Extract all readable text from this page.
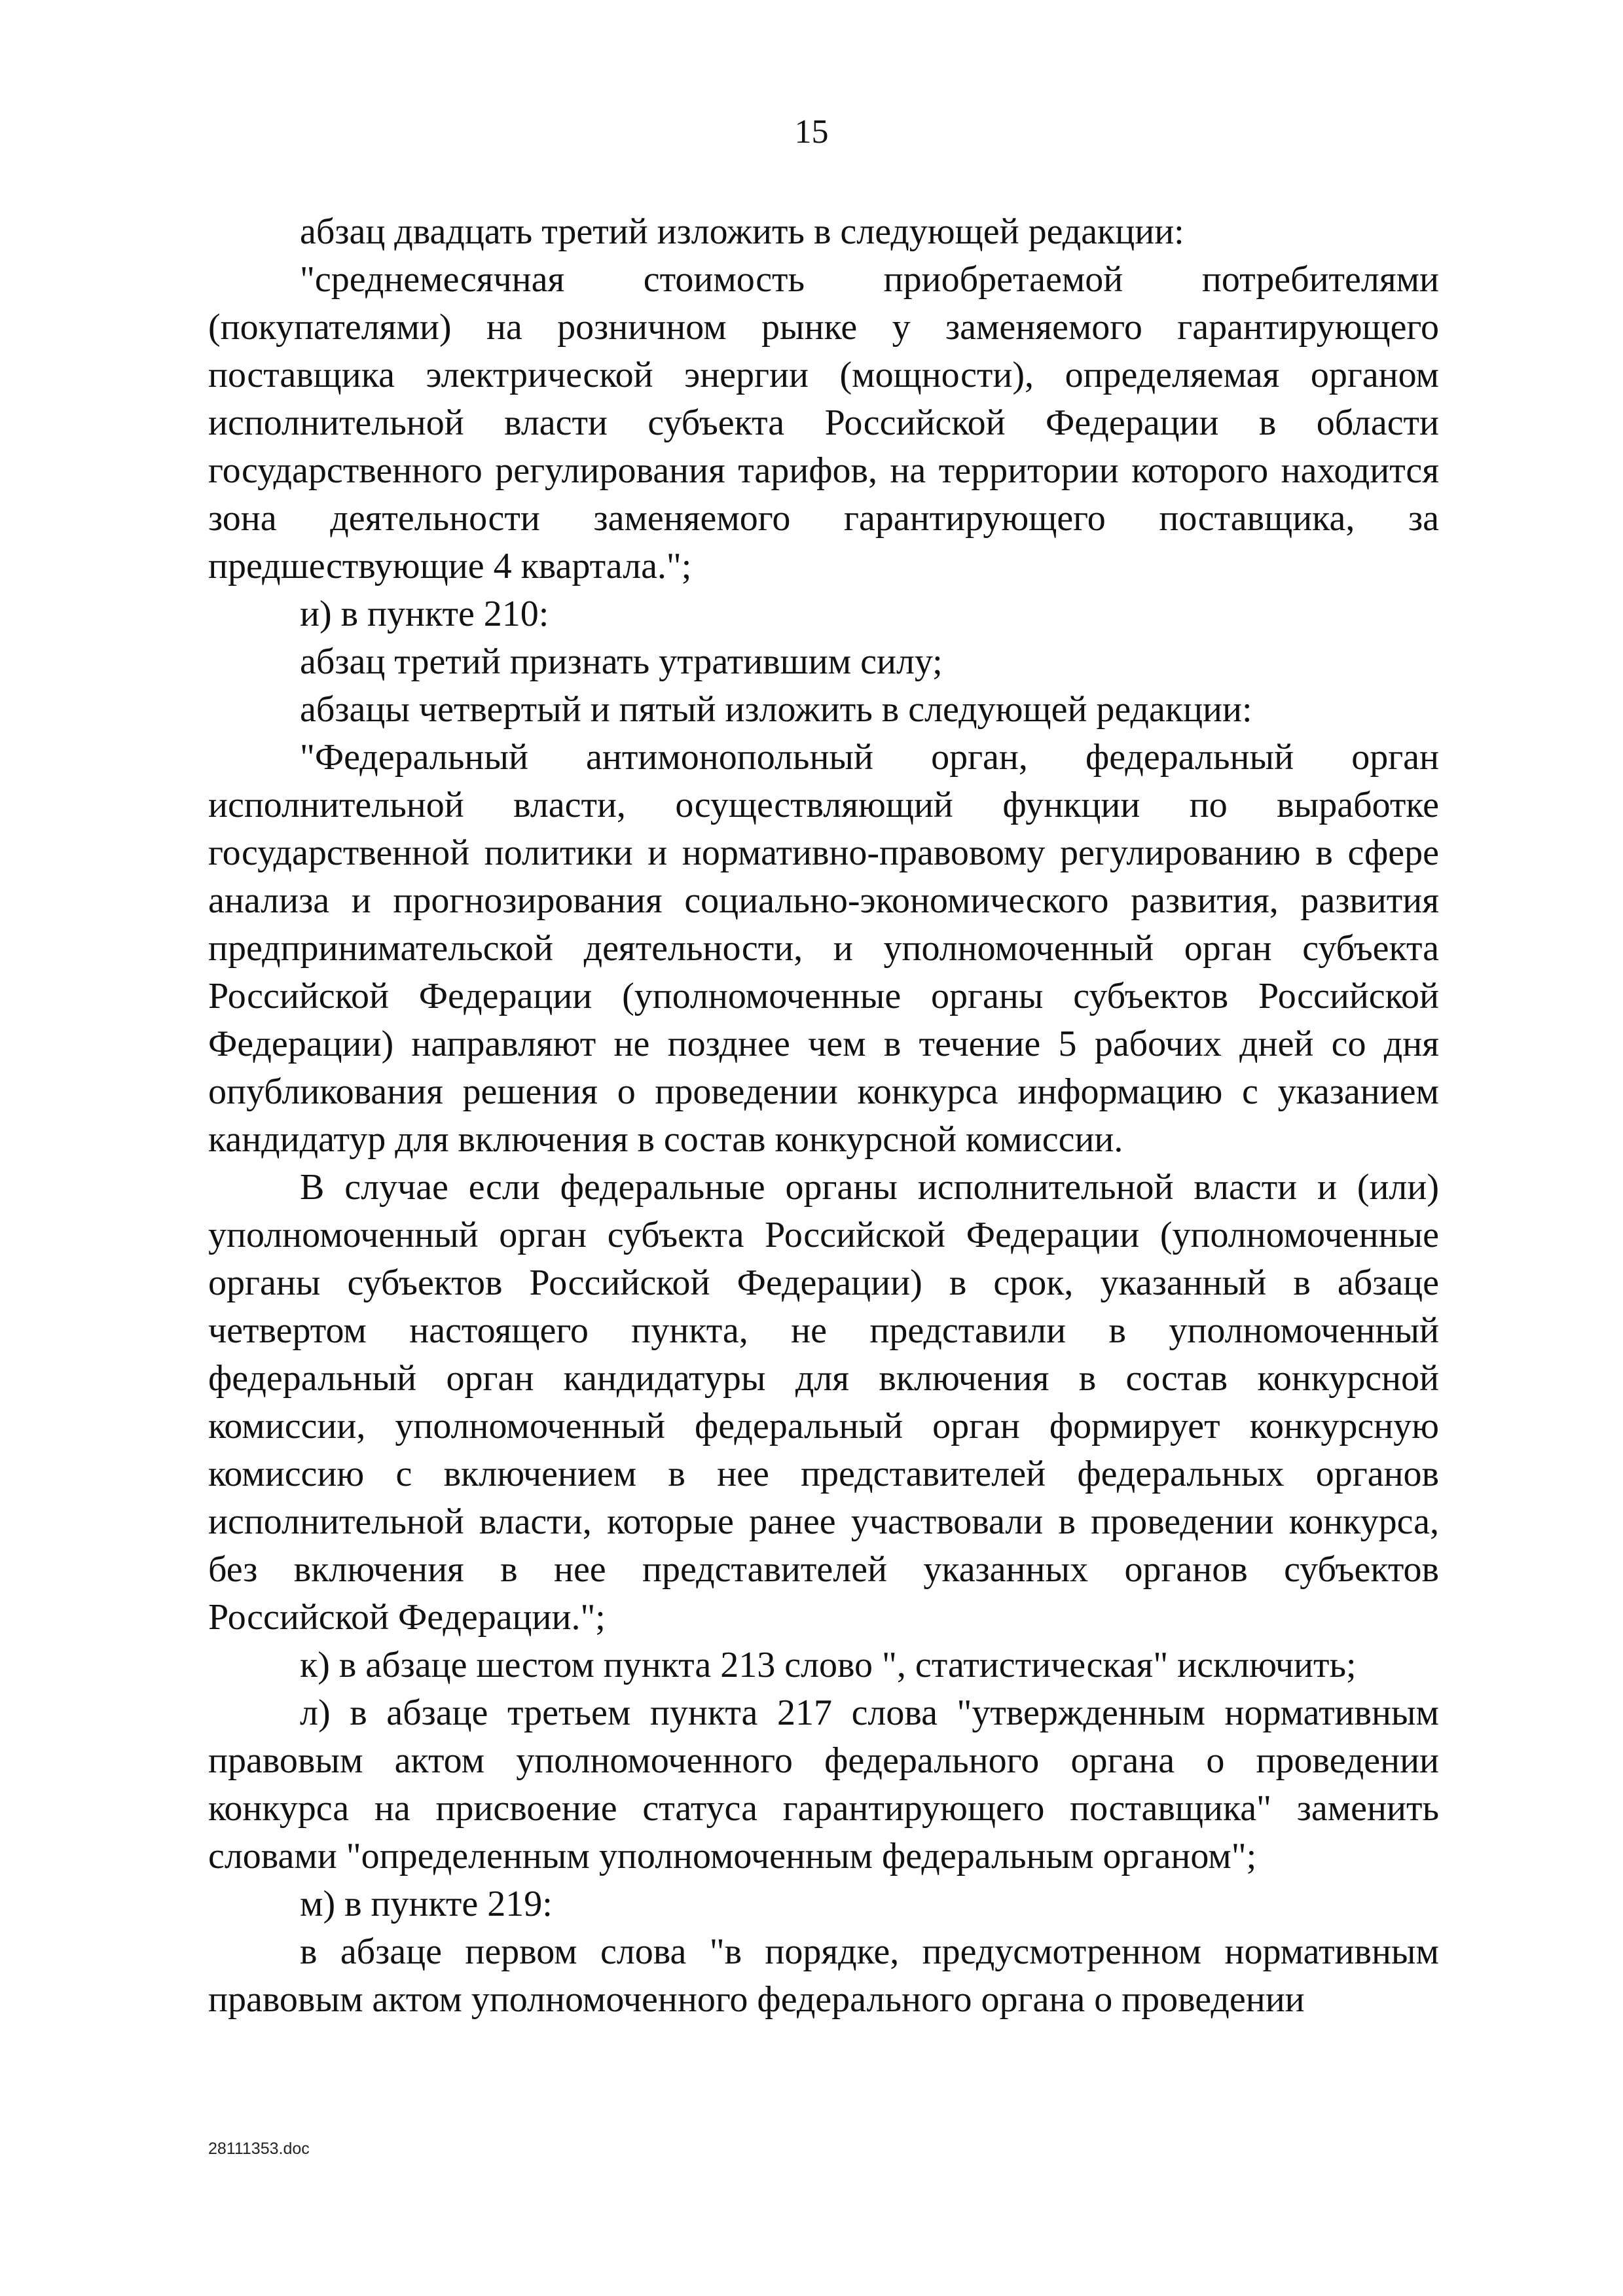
15

абзац двадцать третий изложить в следующей редакции:

"среднемесячная стоимость приобретаемой потребителями (покупателями) на розничном рынке у заменяемого гарантирующего поставщика электрической энергии (мощности), определяемая органом исполнительной власти субъекта Российской Федерации в области государственного регулирования тарифов, на территории которого находится зона деятельности заменяемого гарантирующего поставщика, за предшествующие 4 квартала.";

и) в пункте 210:

абзац третий признать утратившим силу;

абзацы четвертый и пятый изложить в следующей редакции:

"Федеральный антимонопольный орган, федеральный орган исполнительной власти, осуществляющий функции по выработке государственной политики и нормативно-правовому регулированию в сфере анализа и прогнозирования социально-экономического развития, развития предпринимательской деятельности, и уполномоченный орган субъекта Российской Федерации (уполномоченные органы субъектов Российской Федерации) направляют не позднее чем в течение 5 рабочих дней со дня опубликования решения о проведении конкурса информацию с указанием кандидатур для включения в состав конкурсной комиссии.

В случае если федеральные органы исполнительной власти и (или) уполномоченный орган субъекта Российской Федерации (уполномоченные органы субъектов Российской Федерации) в срок, указанный в абзаце четвертом настоящего пункта, не представили в уполномоченный федеральный орган кандидатуры для включения в состав конкурсной комиссии, уполномоченный федеральный орган формирует конкурсную комиссию с включением в нее представителей федеральных органов исполнительной власти, которые ранее участвовали в проведении конкурса, без включения в нее представителей указанных органов субъектов Российской Федерации.";

к) в абзаце шестом пункта 213 слово ", статистическая" исключить;

л) в абзаце третьем пункта 217 слова "утвержденным нормативным правовым актом уполномоченного федерального органа о проведении конкурса на присвоение статуса гарантирующего поставщика" заменить словами "определенным уполномоченным федеральным органом";

м) в пункте 219:

в абзаце первом слова "в порядке, предусмотренном нормативным правовым актом уполномоченного федерального органа о проведении

28111353.doc
